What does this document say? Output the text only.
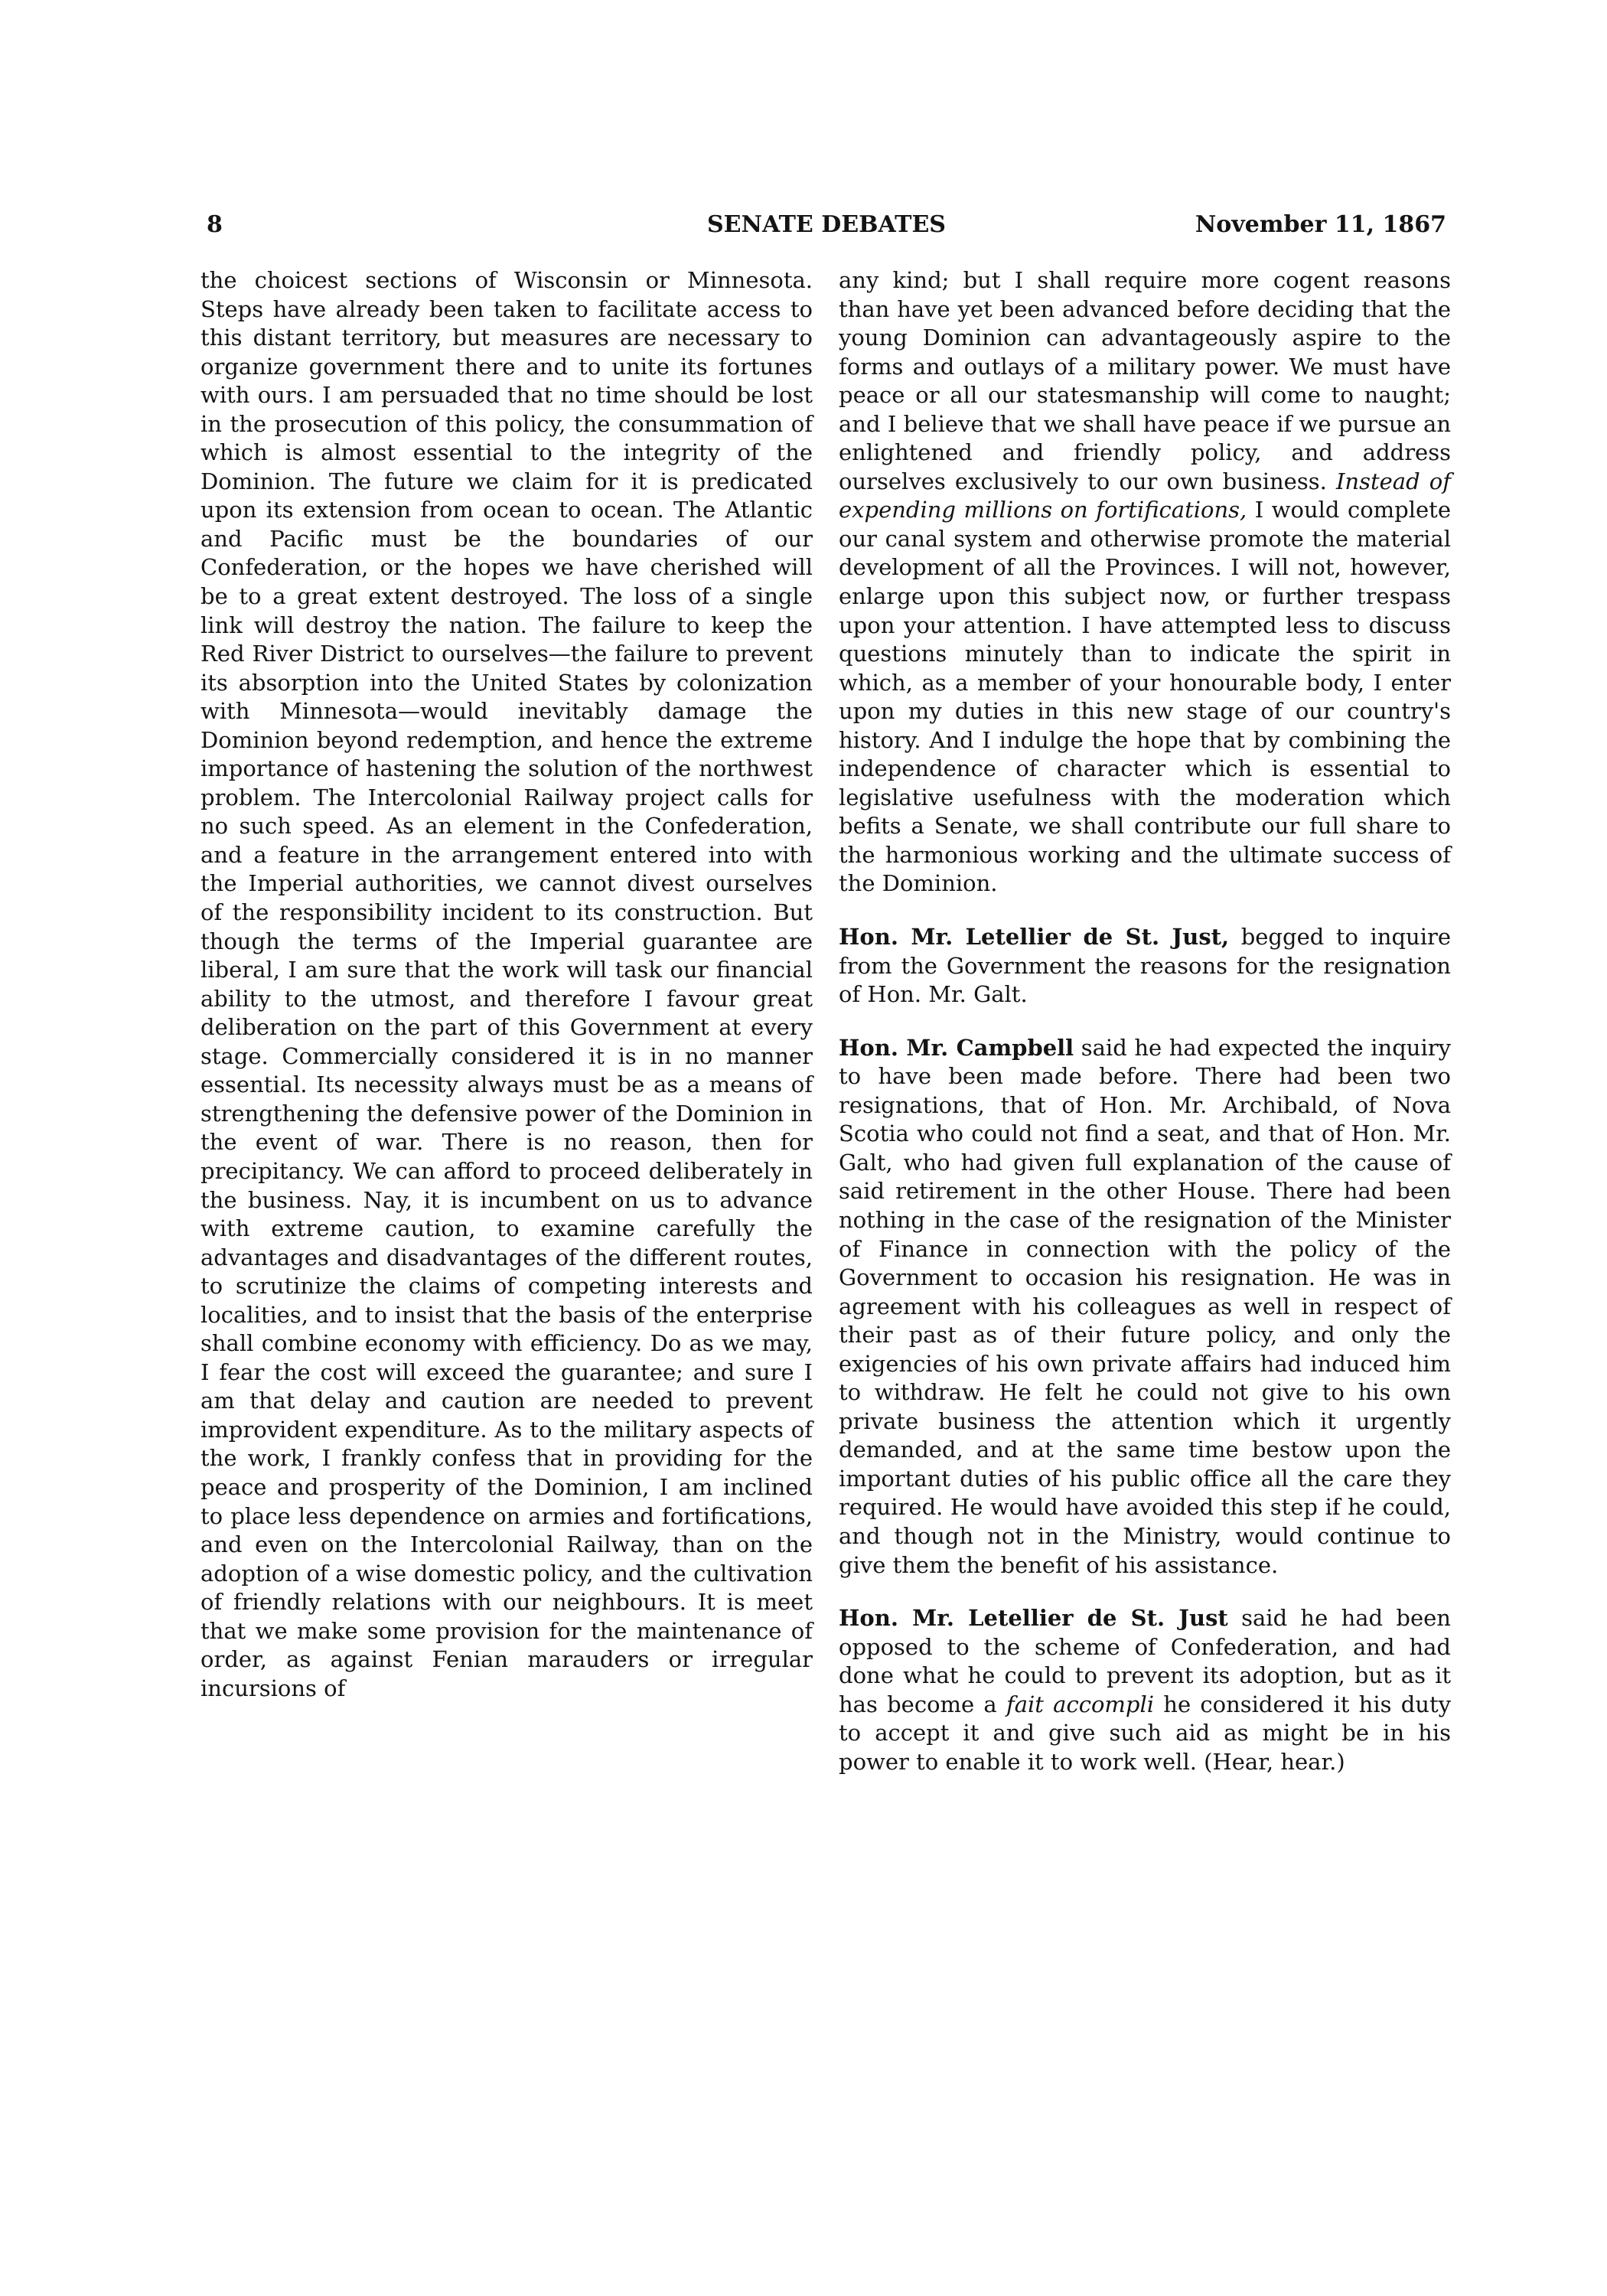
8	SENATE DEBATES	November 11, 1867

the choicest sections of Wisconsin or Minnesota. Steps have already been taken to facilitate access to this distant territory, but measures are necessary to organize government there and to unite its fortunes with ours. I am persuaded that no time should be lost in the prosecution of this policy, the consummation of which is almost essential to the integrity of the Dominion. The future we claim for it is predicated upon its extension from ocean to ocean. The Atlantic and Pacific must be the boundaries of our Confederation, or the hopes we have cherished will be to a great extent destroyed. The loss of a single link will destroy the nation. The failure to keep the Red River District to ourselves—the failure to prevent its absorption into the United States by colonization with Minnesota—would inevitably damage the Dominion beyond redemption, and hence the extreme importance of hastening the solution of the northwest problem. The Intercolonial Railway project calls for no such speed. As an element in the Confederation, and a feature in the arrangement entered into with the Imperial authorities, we cannot divest ourselves of the responsibility incident to its construction. But though the terms of the Imperial guarantee are liberal, I am sure that the work will task our financial ability to the utmost, and therefore I favour great deliberation on the part of this Government at every stage. Commercially considered it is in no manner essential. Its necessity always must be as a means of strengthening the defensive power of the Dominion in the event of war. There is no reason, then for precipitancy. We can afford to proceed deliberately in the business. Nay, it is incumbent on us to advance with extreme caution, to examine carefully the advantages and disadvantages of the different routes, to scrutinize the claims of competing interests and localities, and to insist that the basis of the enterprise shall combine economy with efficiency. Do as we may, I fear the cost will exceed the guarantee; and sure I am that delay and caution are needed to prevent improvident expenditure. As to the military aspects of the work, I frankly confess that in providing for the peace and prosperity of the Dominion, I am inclined to place less dependence on armies and fortifications, and even on the Intercolonial Railway, than on the adoption of a wise domestic policy, and the cultivation of friendly relations with our neighbours. It is meet that we make some provision for the maintenance of order, as against Fenian marauders or irregular incursions of

any kind; but I shall require more cogent reasons than have yet been advanced before deciding that the young Dominion can advantageously aspire to the forms and outlays of a military power. We must have peace or all our statesmanship will come to naught; and I believe that we shall have peace if we pursue an enlightened and friendly policy, and address ourselves exclusively to our own business. Instead of expending millions on fortifications, I would complete our canal system and otherwise promote the material development of all the Provinces. I will not, however, enlarge upon this subject now, or further trespass upon your attention. I have attempted less to discuss questions minutely than to indicate the spirit in which, as a member of your honourable body, I enter upon my duties in this new stage of our country's history. And I indulge the hope that by combining the independence of character which is essential to legislative usefulness with the moderation which befits a Senate, we shall contribute our full share to the harmonious working and the ultimate success of the Dominion.

Hon. Mr. Letellier de St. Just, begged to inquire from the Government the reasons for the resignation of Hon. Mr. Galt.

Hon. Mr. Campbell said he had expected the inquiry to have been made before. There had been two resignations, that of Hon. Mr. Archibald, of Nova Scotia who could not find a seat, and that of Hon. Mr. Galt, who had given full explanation of the cause of said retirement in the other House. There had been nothing in the case of the resignation of the Minister of Finance in connection with the policy of the Government to occasion his resignation. He was in agreement with his colleagues as well in respect of their past as of their future policy, and only the exigencies of his own private affairs had induced him to withdraw. He felt he could not give to his own private business the attention which it urgently demanded, and at the same time bestow upon the important duties of his public office all the care they required. He would have avoided this step if he could, and though not in the Ministry, would continue to give them the benefit of his assistance.

Hon. Mr. Letellier de St. Just said he had been opposed to the scheme of Confederation, and had done what he could to prevent its adoption, but as it has become a fait accompli he considered it his duty to accept it and give such aid as might be in his power to enable it to work well. (Hear, hear.)
